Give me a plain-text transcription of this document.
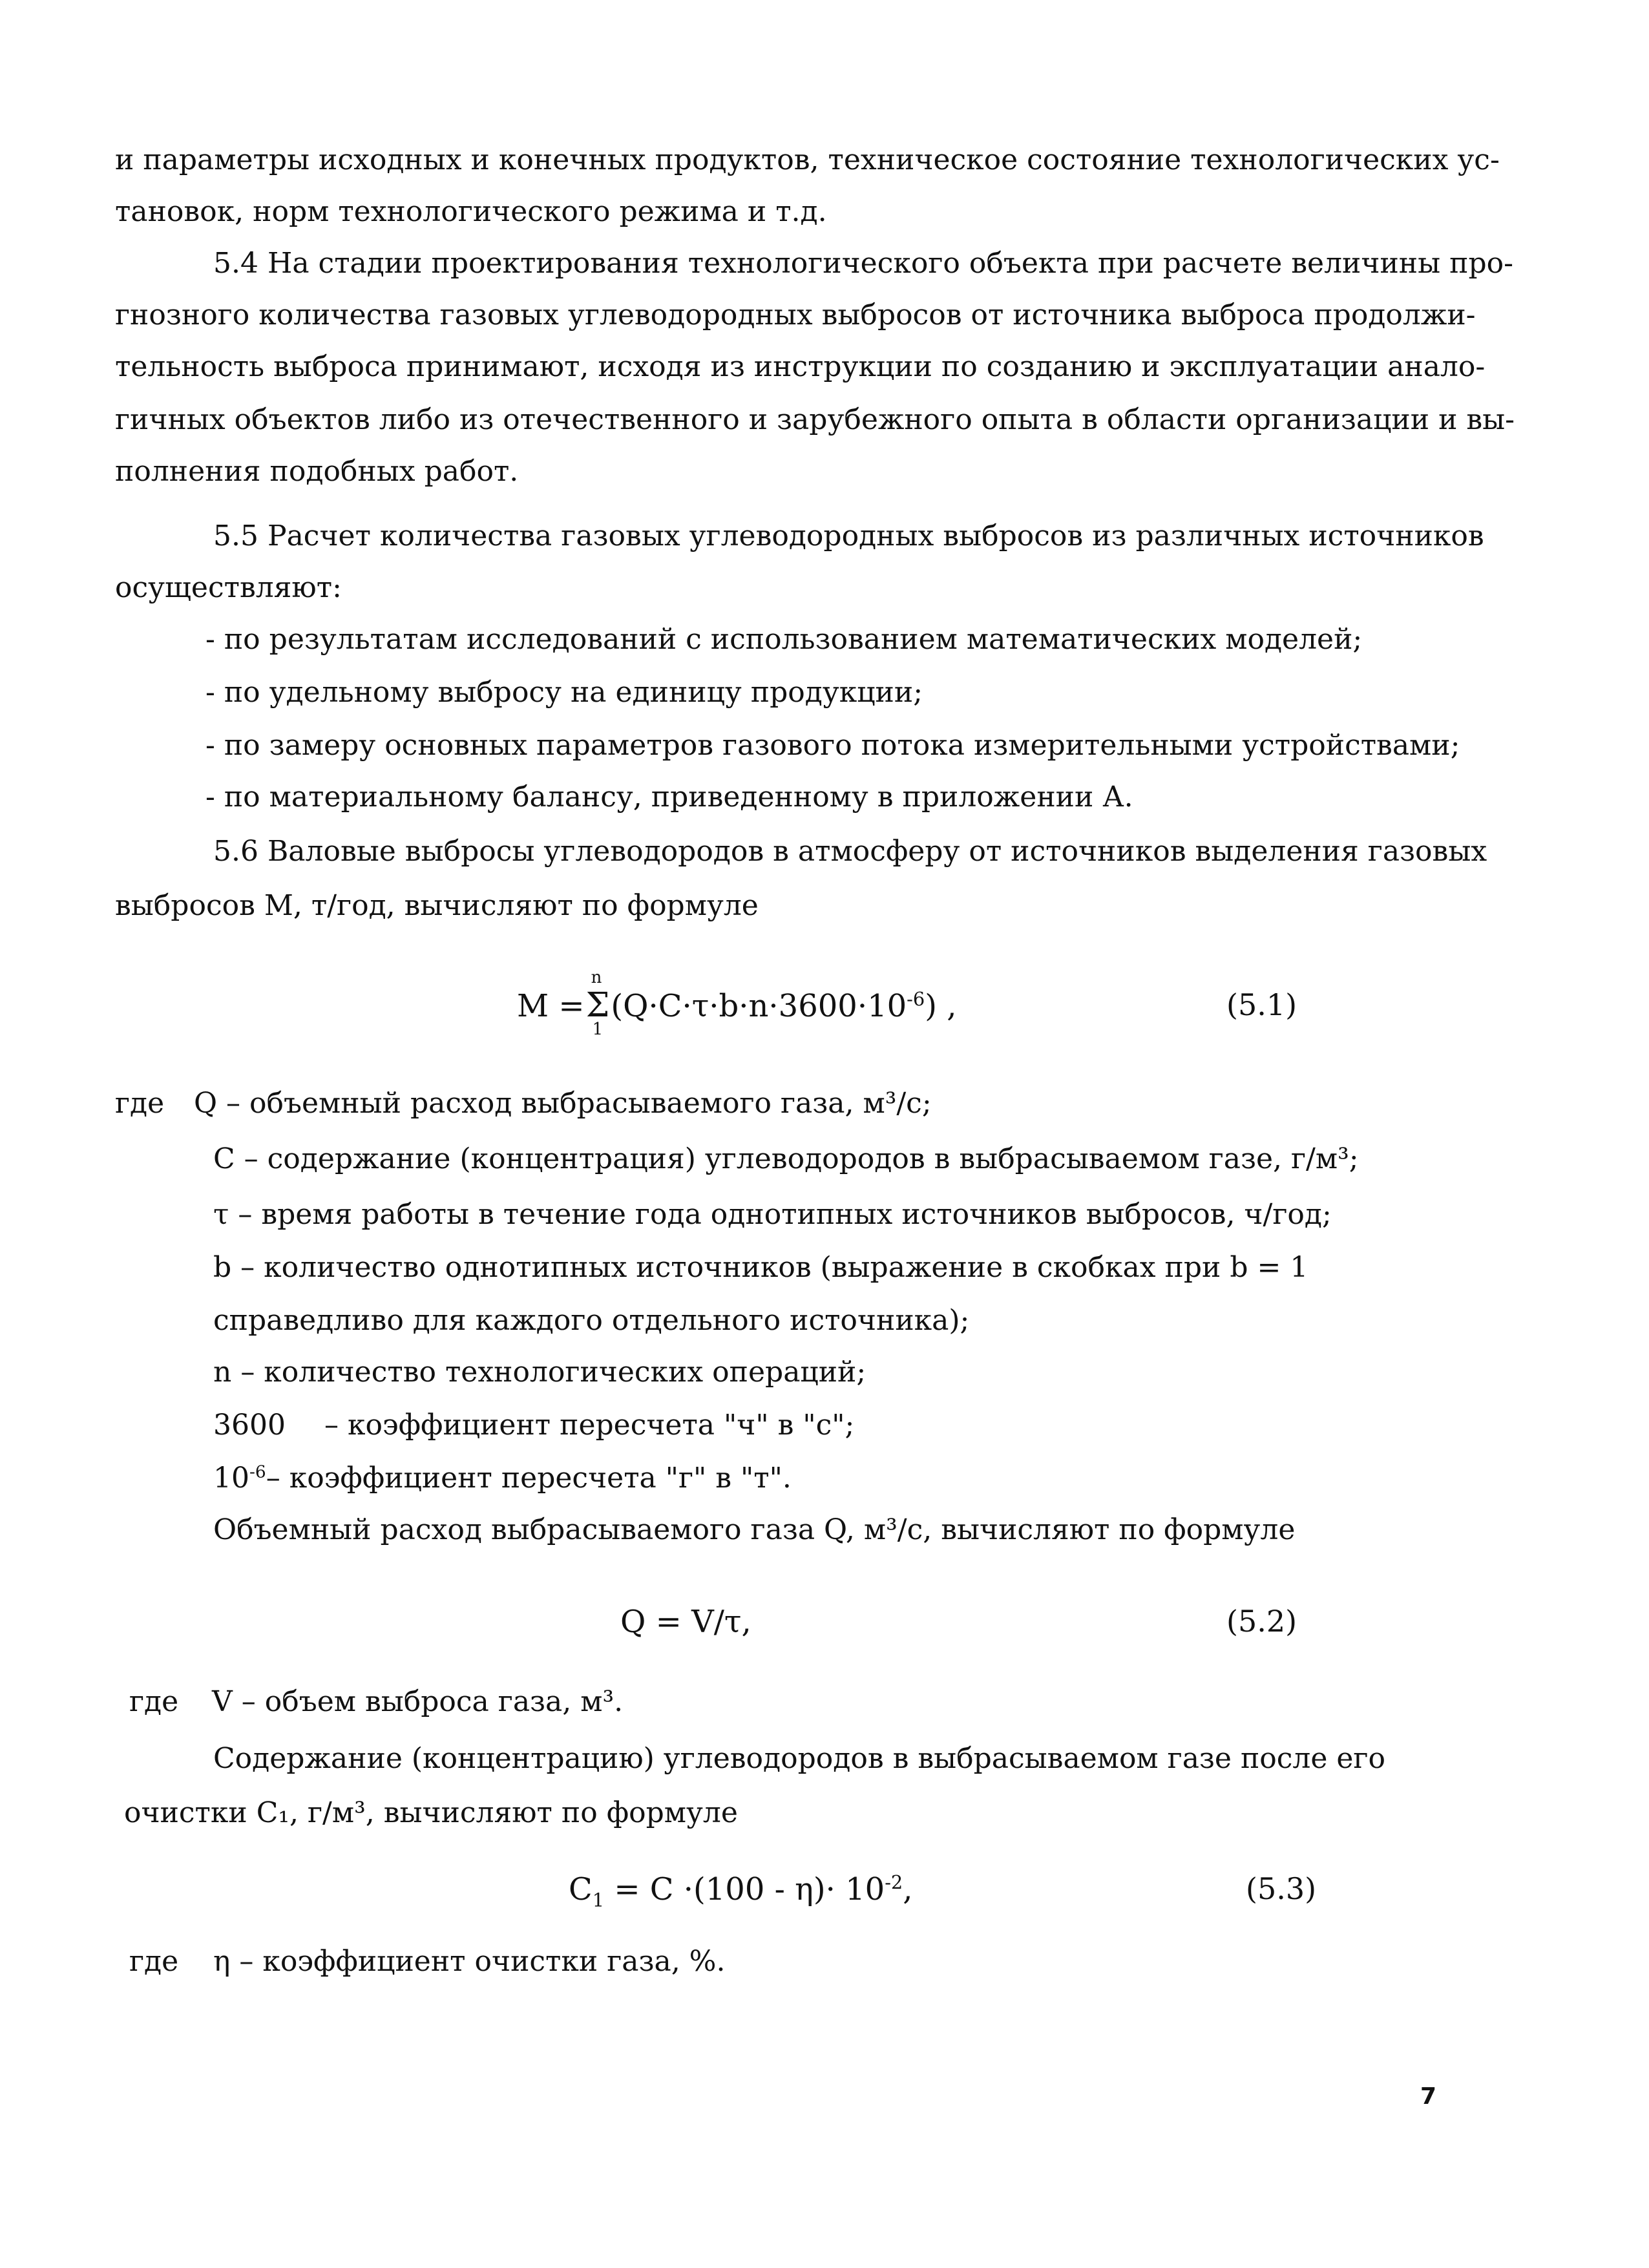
и параметры исходных и конечных продуктов, техническое состояние технологических ус-
тановок, норм технологического режима и т.д.
5.4 На стадии проектирования технологического объекта при расчете величины про-
гнозного количества газовых углеводородных выбросов от источника выброса продолжи-
тельность выброса принимают, исходя из инструкции по созданию и эксплуатации анало-
гичных объектов либо из отечественного и зарубежного опыта в области организации и вы-
полнения подобных работ.
5.5 Расчет количества газовых углеводородных выбросов из различных источников
осуществляют:
- по результатам исследований с использованием математических моделей;
- по удельному выбросу на единицу продукции;
- по замеру основных параметров газового потока измерительными устройствами;
- по материальному балансу, приведенному в приложении А.
5.6 Валовые выбросы углеводородов в атмосферу от источников выделения газовых
выбросов М, т/год, вычисляют по формуле
M =
n
Σ
1
$(Q\cdot C\cdot\tau\cdot b\cdot n\cdot 3600\cdot 10^{-6})$ ,	(5.1)
где Q – объемный расход выбрасываемого газа, м³/с;
С – содержание (концентрация) углеводородов в выбрасываемом газе, г/м³;
τ – время работы в течение года однотипных источников выбросов, ч/год;
b – количество однотипных источников (выражение в скобках при b = 1
справедливо для каждого отдельного источника);
n – количество технологических операций;
3600 – коэффициент пересчета "ч" в "с";
$10^{-6}-$ коэффициент пересчета "г" в "т".
Объемный расход выбрасываемого газа Q, м³/с, вычисляют по формуле
Q = V/τ,	(5.2)
где V – объем выброса газа, м³.
Содержание (концентрацию) углеводородов в выбрасываемом газе после его
очистки С₁, г/м³, вычисляют по формуле
$C_1 = C \cdot(100 - \eta)\cdot 10^{-2}$,	(5.3)
где η – коэффициент очистки газа, %.
7
